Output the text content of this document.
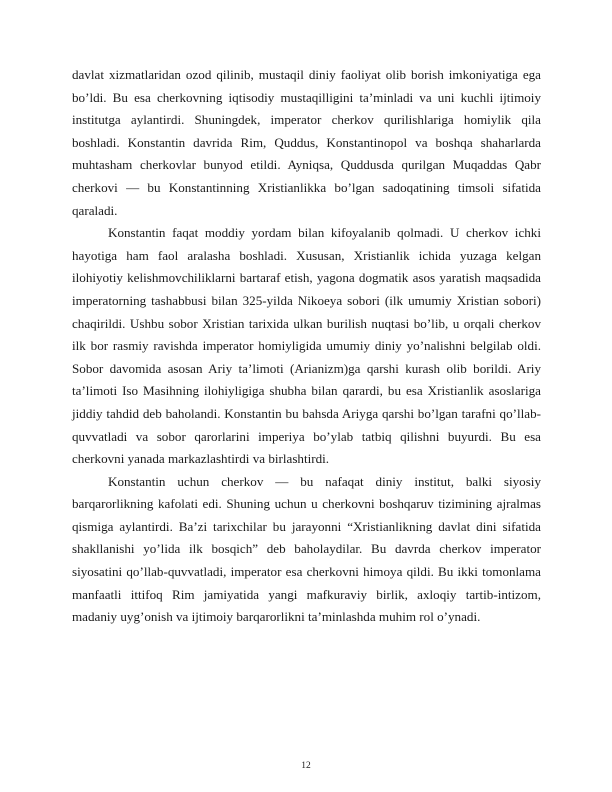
davlat xizmatlaridan ozod qilinib, mustaqil diniy faoliyat olib borish imkoniyatiga ega bo’ldi. Bu esa cherkovning iqtisodiy mustaqilligini ta’minladi va uni kuchli ijtimoiy institutga aylantirdi. Shuningdek, imperator cherkov qurilishlariga homiylik qila boshladi. Konstantin davrida Rim, Quddus, Konstantinopol va boshqa shaharlarda muhtasham cherkovlar bunyod etildi. Ayniqsa, Quddusda qurilgan Muqaddas Qabr cherkovi — bu Konstantinning Xristianlikka bo’lgan sadoqatining timsoli sifatida qaraladi.

Konstantin faqat moddiy yordam bilan kifoyalanib qolmadi. U cherkov ichki hayotiga ham faol aralasha boshladi. Xususan, Xristianlik ichida yuzaga kelgan ilohiyotiy kelishmovchiliklarni bartaraf etish, yagona dogmatik asos yaratish maqsadida imperatorning tashabbusi bilan 325-yilda Nikoeya sobori (ilk umumiy Xristian sobori) chaqirildi. Ushbu sobor Xristian tarixida ulkan burilish nuqtasi bo’lib, u orqali cherkov ilk bor rasmiy ravishda imperator homiyligida umumiy diniy yo’nalishni belgilab oldi. Sobor davomida asosan Ariy ta’limoti (Arianizm)ga qarshi kurash olib borildi. Ariy ta’limoti Iso Masihning ilohiyligiga shubha bilan qarardi, bu esa Xristianlik asoslariga jiddiy tahdid deb baholandi. Konstantin bu bahsda Ariyga qarshi bo’lgan tarafni qo’llab-quvvatladi va sobor qarorlarini imperiya bo’ylab tatbiq qilishni buyurdi. Bu esa cherkovni yanada markazlashtirdi va birlashtirdi.

Konstantin uchun cherkov — bu nafaqat diniy institut, balki siyosiy barqarorlikning kafolati edi. Shuning uchun u cherkovni boshqaruv tizimining ajralmas qismiga aylantirdi. Ba’zi tarixchilar bu jarayonni “Xristianlikning davlat dini sifatida shakllanishi yo’lida ilk bosqich” deb baholaydilar. Bu davrda cherkov imperator siyosatini qo’llab-quvvatladi, imperator esa cherkovni himoya qildi. Bu ikki tomonlama manfaatli ittifoq Rim jamiyatida yangi mafkuraviy birlik, axloqiy tartib-intizom, madaniy uyg’onish va ijtimoiy barqarorlikni ta’minlashda muhim rol o’ynadi.

12
